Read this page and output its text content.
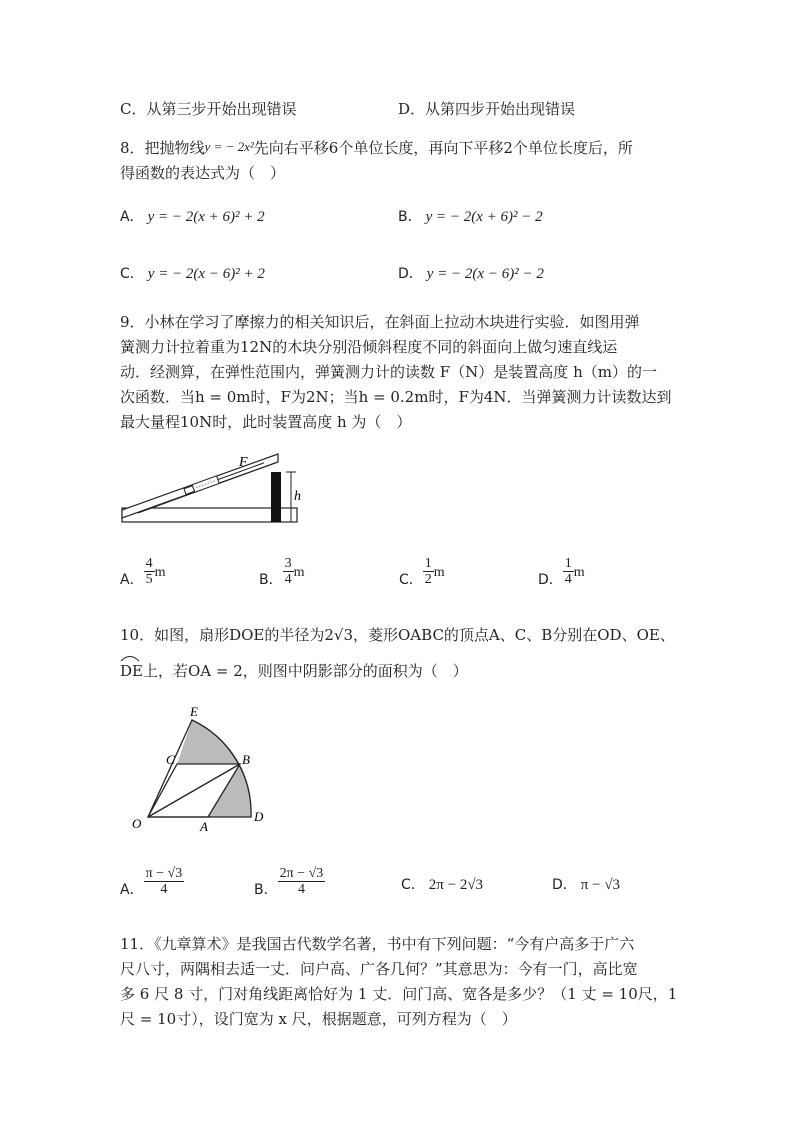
C．从第三步开始出现错误	D．从第四步开始出现错误
8．把抛物线y = − 2x²先向右平移6个单位长度，再向下平移2个单位长度后，所
得函数的表达式为（　）
A． y = − 2(x + 6)² + 2	B． y = − 2(x + 6)² − 2
C． y = − 2(x − 6)² + 2	D． y = − 2(x − 6)² − 2
9．小林在学习了摩擦力的相关知识后，在斜面上拉动木块进行实验．如图用弹
簧测力计拉着重为12N的木块分别沿倾斜程度不同的斜面向上做匀速直线运
动．经测算，在弹性范围内，弹簧测力计的读数 F（N）是装置高度 h（m）的一
次函数．当h = 0m时，F为2N；当h = 0.2m时，F为4N．当弹簧测力计读数达到
最大量程10N时，此时装置高度 h 为（　）
F
h
A． $\frac{4}{5}$ m	B． $\frac{3}{4}$ m	C． $\frac{1}{2}$ m	D． $\frac{1}{4}$ m
10．如图，扇形DOE的半径为2√3，菱形OABC的顶点A、C、B分别在OD、OE、
DE上，若OA = 2，则图中阴影部分的面积为（　）
E
C	B
O	A
D
A． $\frac{\pi - √3}{4}$	B． $\frac{2\pi - √3}{4}$	C． 2π − 2√3	D． π − √3
11．《九章算术》是我国古代数学名著，书中有下列问题：“今有户高多于广六
尺八寸，两隅相去适一丈．问户高、广各几何？”其意思为：今有一门，高比宽
多 6 尺 8 寸，门对角线距离恰好为 1 丈．问门高、宽各是多少？（1 丈 = 10尺，1
尺 = 10寸），设门宽为 x 尺，根据题意，可列方程为（　）
